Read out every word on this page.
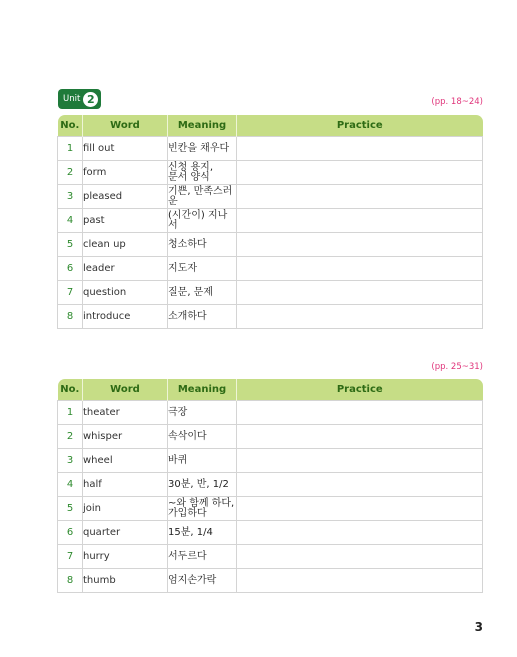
Unit 2	(pp. 18~24)
No.	Word	Meaning	Practice
1	fill out	빈칸을 채우다	
2	form	신청 용지,
문서 양식	
3	pleased	기쁜, 만족스러운	
4	past	(시간이) 지나서	
5	clean up	청소하다	
6	leader	지도자	
7	question	질문, 문제	
8	introduce	소개하다	
(pp. 25~31)
No.	Word	Meaning	Practice
1	theater	극장	
2	whisper	속삭이다	
3	wheel	바퀴	
4	half	30분, 반, 1/2	
5	join	~와 함께 하다,
가입하다	
6	quarter	15분, 1/4	
7	hurry	서두르다	
8	thumb	엄지손가락	
3
